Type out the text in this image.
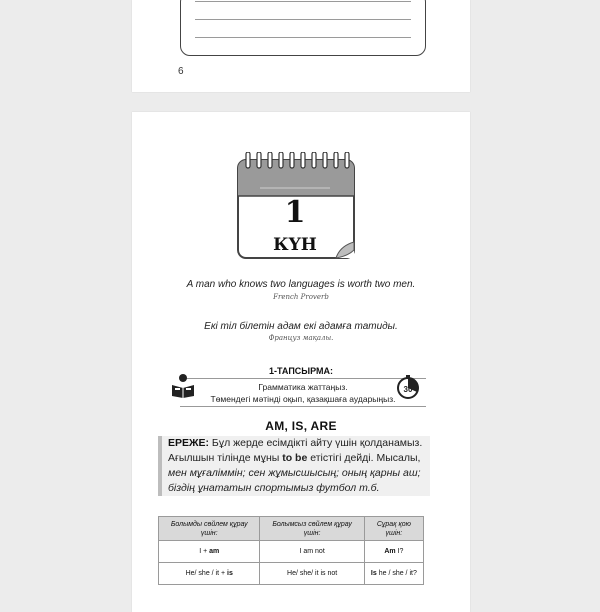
6
1
КҮН
A man who knows two languages is worth two men.
French Proverb
Екі тіл білетін адам екі адамға татиды.
Француз мақалы.
1-ТАПСЫРМА:
Грамматика жаттаңыз.
Төмендегі мәтінді оқып, қазақшаға аударыңыз.
30
AM, IS, ARE
ЕРЕЖЕ: Бұл жерде есімдікті айту үшін қолданамыз. Ағылшын тілінде мұны to be етістігі дейді. Мысалы, мен мұғаліммін; сен жұмысшысың; оның қарны аш; біздің ұнататын спортымыз футбол т.б.
Болымды сөйлем құрау үшін:	Болымсыз сөйлем құрау үшін:	Сұрақ қою үшін:
I + am	I am not	Am I?
He/ she / it + is	He/ she/ it is not	Is he / she / it?
